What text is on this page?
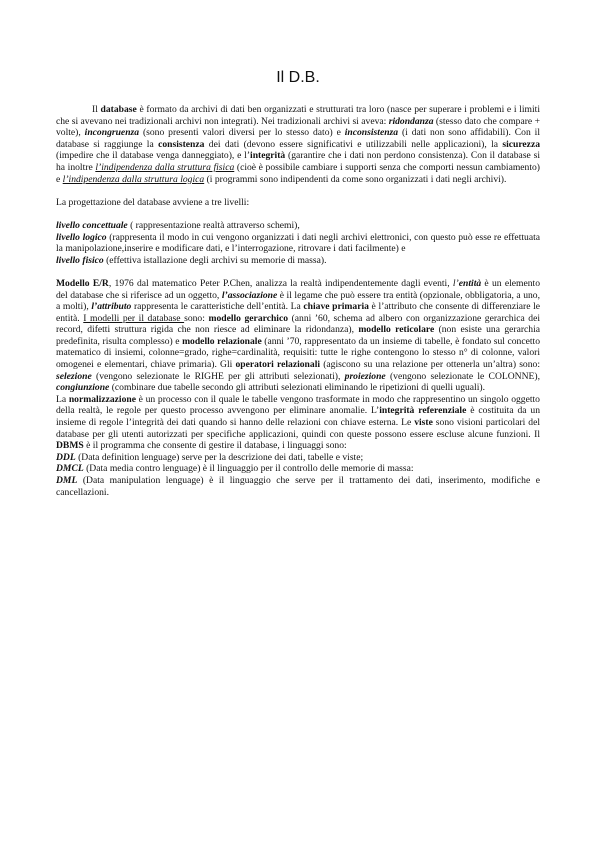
Il D.B.

Il database è formato da archivi di dati ben organizzati e strutturati tra loro (nasce per superare i problemi e i limiti che si avevano nei tradizionali archivi non integrati). Nei tradizionali archivi si aveva: ridondanza (stesso dato che compare + volte), incongruenza (sono presenti valori diversi per lo stesso dato) e inconsistenza (i dati non sono affidabili). Con il database si raggiunge la consistenza dei dati (devono essere significativi e utilizzabili nelle applicazioni), la sicurezza (impedire che il database venga danneggiato), e l’integrità (garantire che i dati non perdono consistenza). Con il database si ha inoltre l’indipendenza dalla struttura fisica (cioè è possibile cambiare i supporti senza che comporti nessun cambiamento) e l’indipendenza dalla struttura logica (i programmi sono indipendenti da come sono organizzati i dati negli archivi).

La progettazione del database avviene a tre livelli:

livello concettuale ( rappresentazione realtà attraverso schemi),
livello logico (rappresenta il modo in cui vengono organizzati i dati negli archivi elettronici, con questo può esse re effettuata la manipolazione,inserire e modificare dati, e l’interrogazione, ritrovare i dati facilmente) e
livello fisico (effettiva istallazione degli archivi su memorie di massa).

Modello E/R, 1976 dal matematico Peter P.Chen, analizza la realtà indipendentemente dagli eventi, l’entità è un elemento del database che si riferisce ad un oggetto, l’associazione è il legame che può essere tra entità (opzionale, obbligatoria, a uno, a molti), l’attributo rappresenta le caratteristiche dell’entità. La chiave primaria è l’attributo che consente di differenziare le entità. I modelli per il database sono: modello gerarchico (anni ’60, schema ad albero con organizzazione gerarchica dei record, difetti struttura rigida che non riesce ad eliminare la ridondanza), modello reticolare (non esiste una gerarchia predefinita, risulta complesso) e modello relazionale (anni ’70, rappresentato da un insieme di tabelle, è fondato sul concetto matematico di insiemi, colonne=grado, righe=cardinalità, requisiti: tutte le righe contengono lo stesso n° di colonne, valori omogenei e elementari, chiave primaria). Gli operatori relazionali (agiscono su una relazione per ottenerla un’altra) sono: selezione (vengono selezionate le RIGHE per gli attributi selezionati), proiezione (vengono selezionate le COLONNE), congiunzione (combinare due tabelle secondo gli attributi selezionati eliminando le ripetizioni di quelli uguali).

La normalizzazione è un processo con il quale le tabelle vengono trasformate in modo che rappresentino un singolo oggetto della realtà, le regole per questo processo avvengono per eliminare anomalie. L’integrità referenziale è costituita da un insieme di regole l’integrità dei dati quando si hanno delle relazioni con chiave esterna. Le viste sono visioni particolari del database per gli utenti autorizzati per specifiche applicazioni, quindi con queste possono essere escluse alcune funzioni. Il DBMS è il programma che consente di gestire il database, i linguaggi sono:

DDL (Data definition lenguage) serve per la descrizione dei dati, tabelle e viste;

DMCL (Data media contro lenguage) è il linguaggio per il controllo delle memorie di massa:

DML (Data manipulation lenguage) è il linguaggio che serve per il trattamento dei dati, inserimento, modifiche e cancellazioni.
